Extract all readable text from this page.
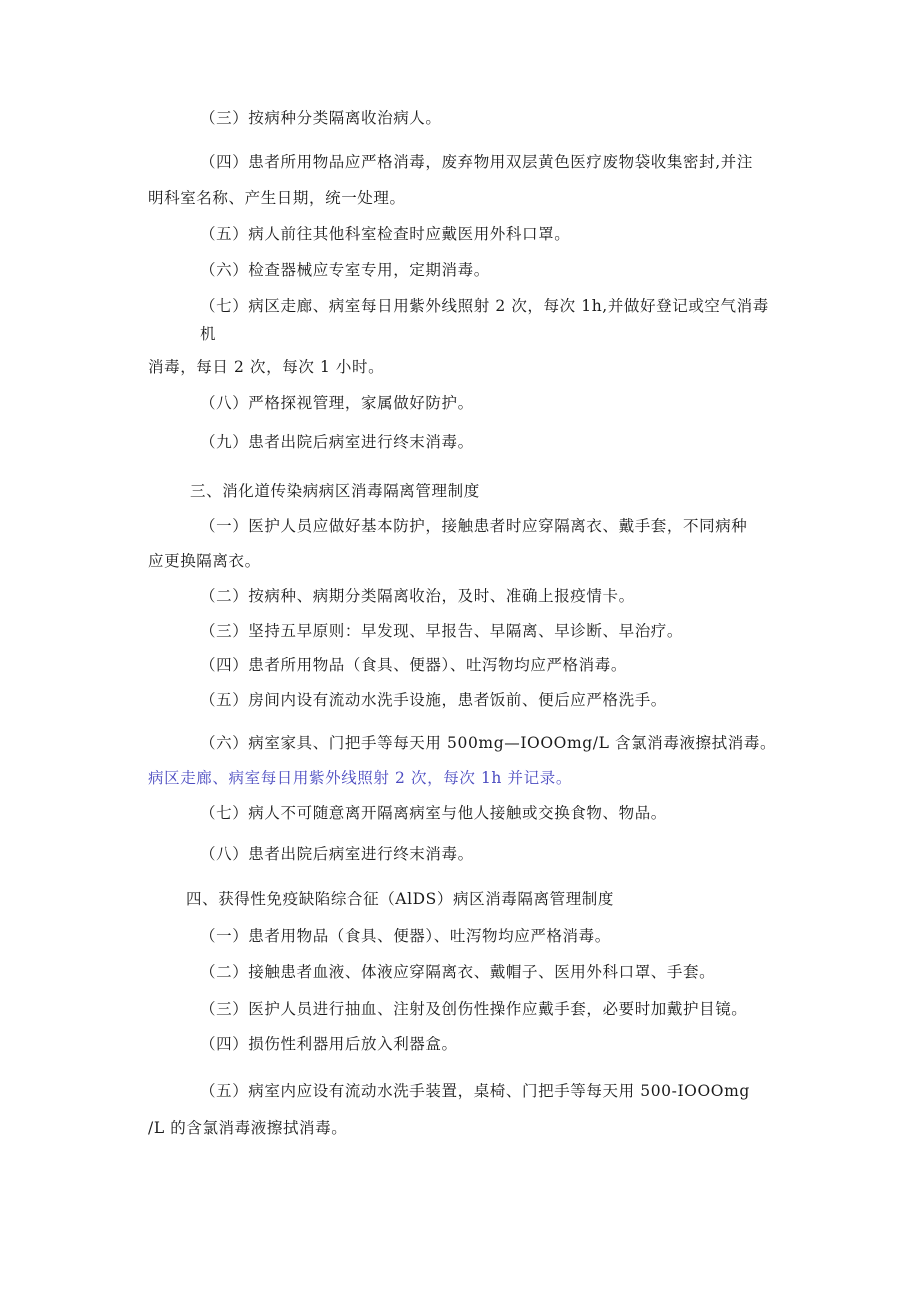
（三）按病种分类隔离收治病人。
（四）患者所用物品应严格消毒，废弃物用双层黄色医疗废物袋收集密封,并注
明科室名称、产生日期，统一处理。
（五）病人前往其他科室检查时应戴医用外科口罩。
（六）检查器械应专室专用，定期消毒。
（七）病区走廊、病室每日用紫外线照射 2 次，每次 1h,并做好登记或空气消毒
机
消毒，每日 2 次，每次 1 小时。
（八）严格探视管理，家属做好防护。
（九）患者出院后病室进行终末消毒。
三、消化道传染病病区消毒隔离管理制度
（一）医护人员应做好基本防护，接触患者时应穿隔离衣、戴手套，不同病种
应更换隔离衣。
（二）按病种、病期分类隔离收治，及时、准确上报疫情卡。
（三）坚持五早原则：早发现、早报告、早隔离、早诊断、早治疗。
（四）患者所用物品（食具、便器）、吐泻物均应严格消毒。
（五）房间内设有流动水洗手设施，患者饭前、便后应严格洗手。
（六）病室家具、门把手等每天用 500mg—IOOOmg/L 含氯消毒液擦拭消毒。
病区走廊、病室每日用紫外线照射 2 次，每次 1h 并记录。
（七）病人不可随意离开隔离病室与他人接触或交换食物、物品。
（八）患者出院后病室进行终末消毒。
四、获得性免疫缺陷综合征（AlDS）病区消毒隔离管理制度
（一）患者用物品（食具、便器）、吐泻物均应严格消毒。
（二）接触患者血液、体液应穿隔离衣、戴帽子、医用外科口罩、手套。
（三）医护人员进行抽血、注射及创伤性操作应戴手套，必要时加戴护目镜。
（四）损伤性利器用后放入利器盒。
（五）病室内应设有流动水洗手装置，桌椅、门把手等每天用 500-IOOOmg
/L 的含氯消毒液擦拭消毒。
